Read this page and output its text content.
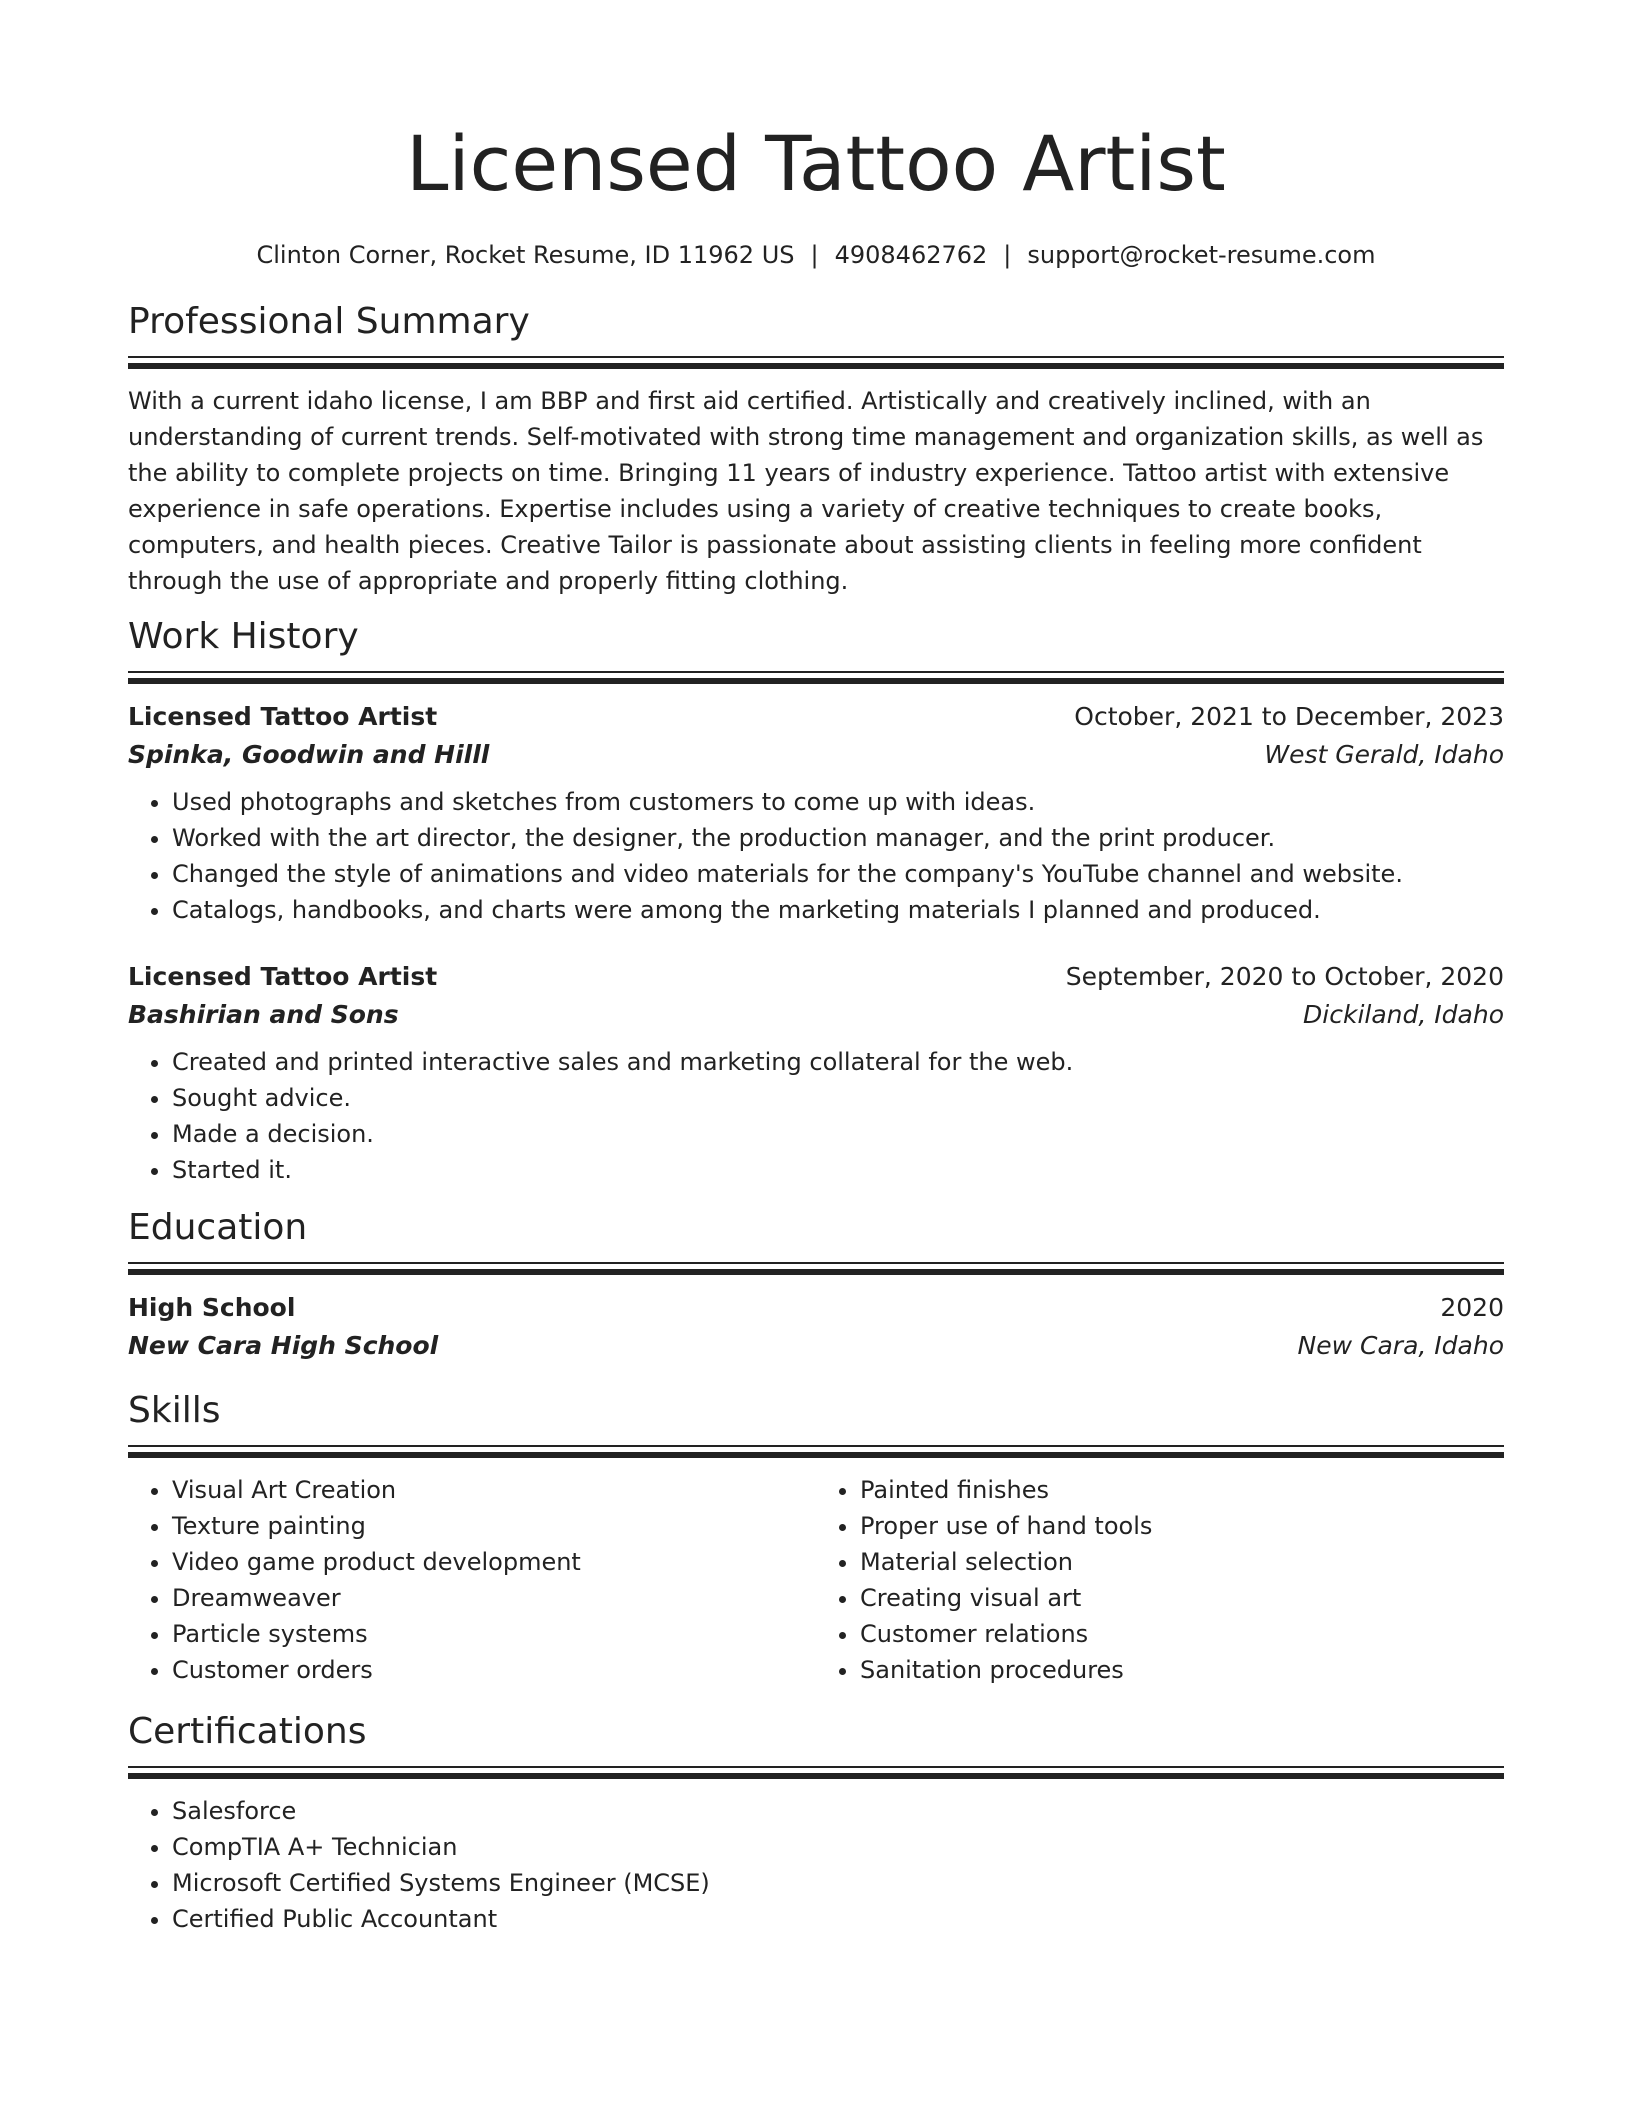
Licensed Tattoo Artist
Clinton Corner, Rocket Resume, ID 11962 US | 4908462762 | support@rocket-resume.com
Professional Summary

With a current idaho license, I am BBP and first aid certified. Artistically and creatively inclined, with an understanding of current trends. Self-motivated with strong time management and organization skills, as well as the ability to complete projects on time. Bringing 11 years of industry experience. Tattoo artist with extensive experience in safe operations. Expertise includes using a variety of creative techniques to create books, computers, and health pieces. Creative Tailor is passionate about assisting clients in feeling more confident through the use of appropriate and properly fitting clothing.

Work History
Licensed Tattoo Artist	October, 2021 to December, 2023
Spinka, Goodwin and Hilll	West Gerald, Idaho
• Used photographs and sketches from customers to come up with ideas.
• Worked with the art director, the designer, the production manager, and the print producer.
• Changed the style of animations and video materials for the company's YouTube channel and website.
• Catalogs, handbooks, and charts were among the marketing materials I planned and produced.
Licensed Tattoo Artist	September, 2020 to October, 2020
Bashirian and Sons	Dickiland, Idaho
• Created and printed interactive sales and marketing collateral for the web.
• Sought advice.
• Made a decision.
• Started it.
Education
High School	2020
New Cara High School	New Cara, Idaho
Skills
• Visual Art Creation
• Texture painting
• Video game product development
• Dreamweaver
• Particle systems
• Customer orders
• Painted finishes
• Proper use of hand tools
• Material selection
• Creating visual art
• Customer relations
• Sanitation procedures
Certifications
• Salesforce
• CompTIA A+ Technician
• Microsoft Certified Systems Engineer (MCSE)
• Certified Public Accountant
